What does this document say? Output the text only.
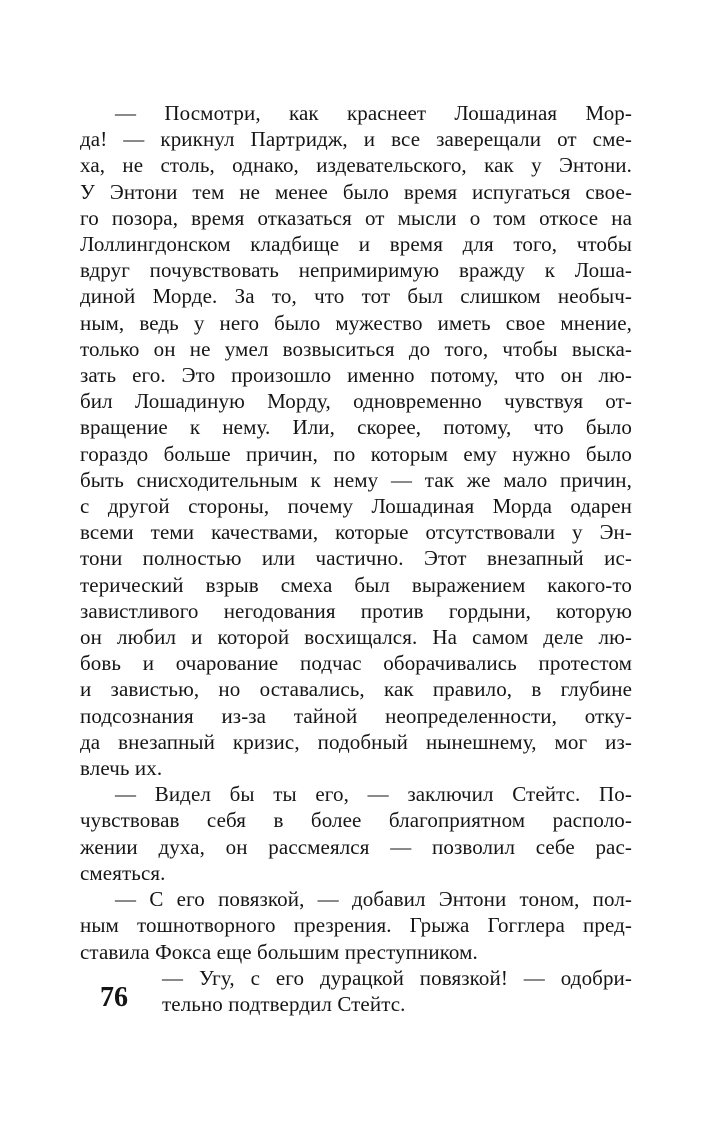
— Посмотри, как краснеет Лошадиная Мор-
да! — крикнул Партридж, и все заверещали от сме-
ха, не столь, однако, издевательского, как у Энтони.
У Энтони тем не менее было время испугаться свое-
го позора, время отказаться от мысли о том откосе на
Лоллингдонском кладбище и время для того, чтобы
вдруг почувствовать непримиримую вражду к Лоша-
диной Морде. За то, что тот был слишком необыч-
ным, ведь у него было мужество иметь свое мнение,
только он не умел возвыситься до того, чтобы выска-
зать его. Это произошло именно потому, что он лю-
бил Лошадиную Морду, одновременно чувствуя от-
вращение к нему. Или, скорее, потому, что было
гораздо больше причин, по которым ему нужно было
быть снисходительным к нему — так же мало причин,
с другой стороны, почему Лошадиная Морда одарен
всеми теми качествами, которые отсутствовали у Эн-
тони полностью или частично. Этот внезапный ис-
терический взрыв смеха был выражением какого-то
завистливого негодования против гордыни, которую
он любил и которой восхищался. На самом деле лю-
бовь и очарование подчас оборачивались протестом
и завистью, но оставались, как правило, в глубине
подсознания из-за тайной неопределенности, отку-
да внезапный кризис, подобный нынешнему, мог из-
влечь их.
— Видел бы ты его, — заключил Стейтс. По-
чувствовав себя в более благоприятном располо-
жении духа, он рассмеялся — позволил себе рас-
смеяться.
— С его повязкой, — добавил Энтони тоном, пол-
ным тошнотворного презрения. Грыжа Гогглера пред-
ставила Фокса еще большим преступником.
— Угу, с его дурацкой повязкой! — одобри-
тельно подтвердил Стейтс.
76
